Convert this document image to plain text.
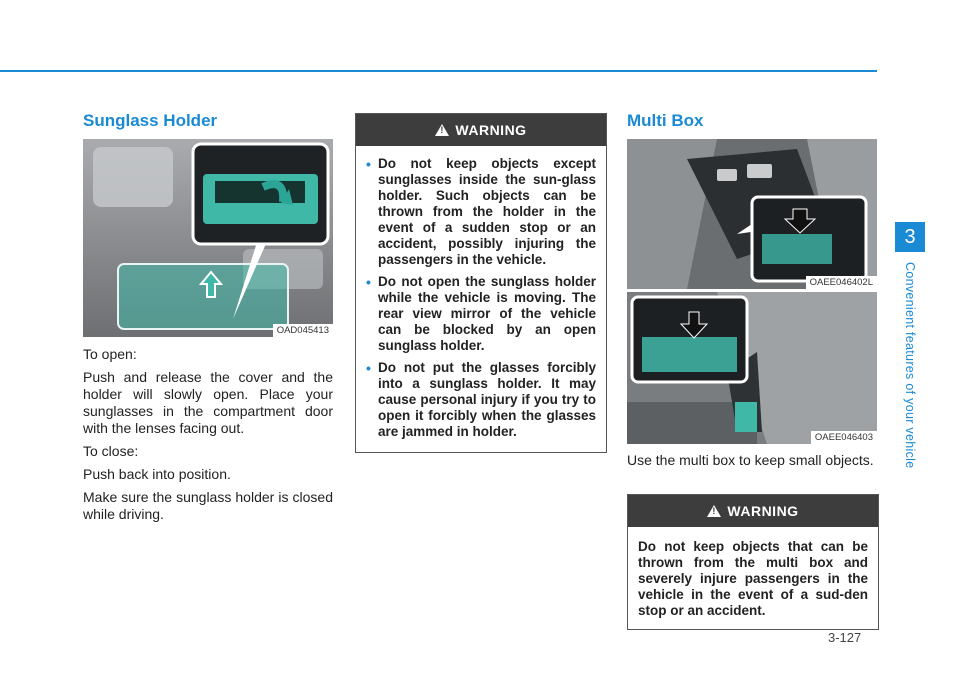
3
Convenient features of your vehicle
Sunglass Holder
OAD045413

To open:

Push and release the cover and the holder will slowly open. Place your sunglasses in the compartment door with the lenses facing out.

To close:

Push back into position.

Make sure the sunglass holder is closed while driving.

!
WARNING
• Do not keep objects except sunglasses inside the sun-glass holder. Such objects can be thrown from the holder in the event of a sudden stop or an accident, possibly injuring the passengers in the vehicle.
• Do not open the sunglass holder while the vehicle is moving. The rear view mirror of the vehicle can be blocked by an open sunglass holder.
• Do not put the glasses forcibly into a sunglass holder. It may cause personal injury if you try to open it forcibly when the glasses are jammed in holder.
Multi Box
OAEE046402L
OAEE046403

Use the multi box to keep small objects.

!
WARNING

Do not keep objects that can be thrown from the multi box and severely injure passengers in the vehicle in the event of a sud-den stop or an accident.

3-127
